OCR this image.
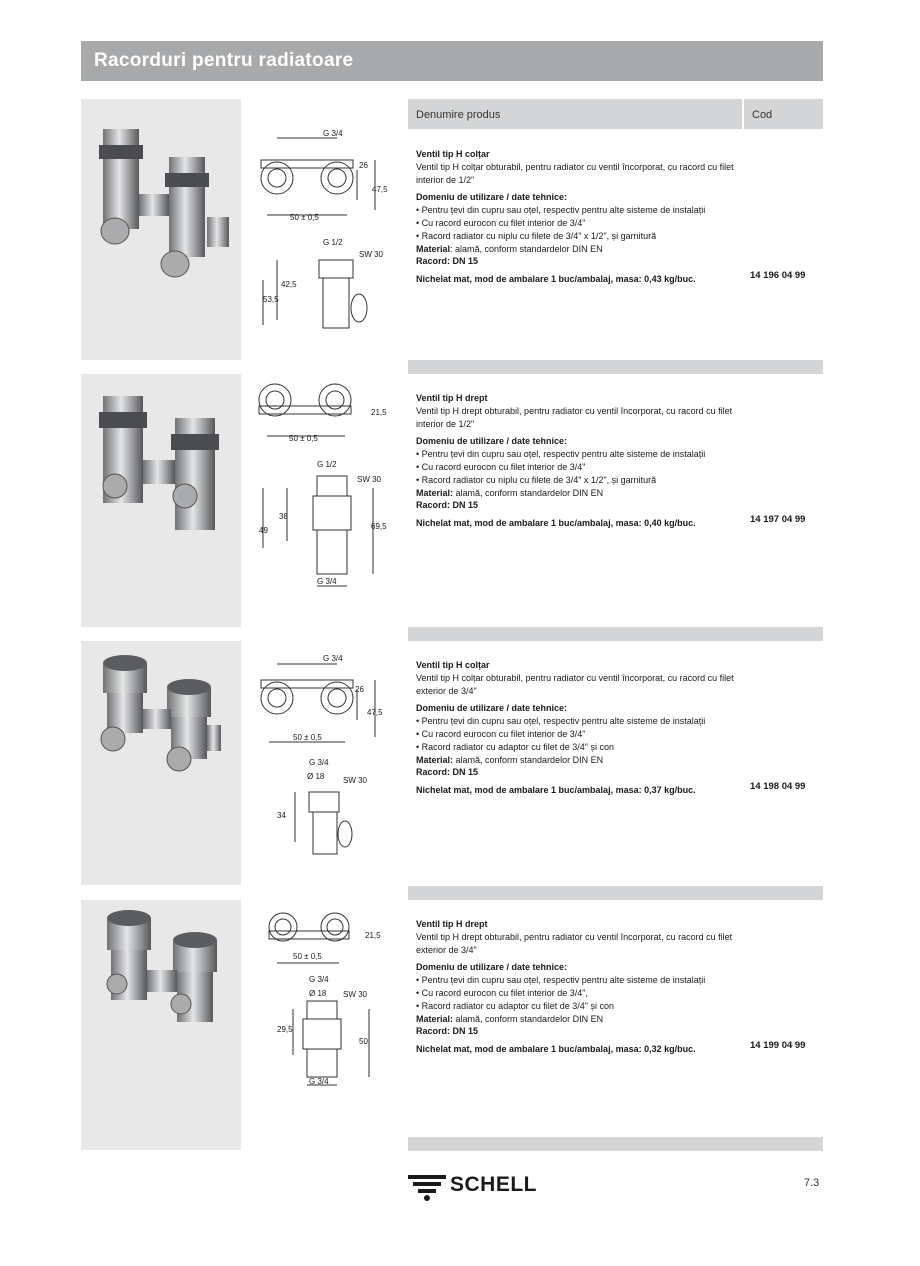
Racorduri pentru radiatoare
Denumire produs	Cod
G 3/4
26
47,5
50 ± 0,5
G 1/2
SW 30
42,5
53,5

Ventil tip H colțar

Ventil tip H colțar obturabil, pentru radiator cu ventil încorporat, cu racord cu filet interior de 1/2"

Domeniu de utilizare / date tehnice:

• Pentru țevi din cupru sau oțel, respectiv pentru alte sisteme de instalații

• Cu racord eurocon cu filet interior de 3/4"

• Racord radiator cu niplu cu filete de 3/4" x 1/2", și garnitură

Material: alamă, conform standardelor DIN EN

Racord: DN 15

Nichelat mat, mod de ambalare 1 buc/ambalaj, masa: 0,43 kg/buc.	14 196 04 99
21,5
50 ± 0,5
G 1/2
SW 30
38
49	69,5
G 3/4

Ventil tip H drept

Ventil tip H drept obturabil, pentru radiator cu ventil încorporat, cu racord cu filet interior de 1/2"

Domeniu de utilizare / date tehnice:

• Pentru țevi din cupru sau oțel, respectiv pentru alte sisteme de instalații

• Cu racord eurocon cu filet interior de 3/4"

• Racord radiator cu niplu cu filete de 3/4" x 1/2", și garnitură

Material: alamă, conform standardelor DIN EN

Racord: DN 15

Nichelat mat, mod de ambalare 1 buc/ambalaj, masa: 0,40 kg/buc.	14 197 04 99
G 3/4
26
47,5
50 ± 0,5
G 3/4
Ø 18 SW 30
34

Ventil tip H colțar

Ventil tip H colțar obturabil, pentru radiator cu ventil încorporat, cu racord cu filet exterior de 3/4"

Domeniu de utilizare / date tehnice:

• Pentru țevi din cupru sau oțel, respectiv pentru alte sisteme de instalații

• Cu racord eurocon cu filet interior de 3/4"

• Racord radiator cu adaptor cu filet de 3/4" și con

Material: alamă, conform standardelor DIN EN

Racord: DN 15

Nichelat mat, mod de ambalare 1 buc/ambalaj, masa: 0,37 kg/buc.	14 198 04 99
21,5
50 ± 0,5
G 3/4
Ø 18 SW 30
29,5
50
G 3/4

Ventil tip H drept

Ventil tip H drept obturabil, pentru radiator cu ventil încorporat, cu racord cu filet exterior de 3/4"

Domeniu de utilizare / date tehnice:

• Pentru țevi din cupru sau oțel, respectiv pentru alte sisteme de instalații

• Cu racord eurocon cu filet interior de 3/4",

• Racord radiator cu adaptor cu filet de 3/4" și con

Material: alamă, conform standardelor DIN EN

Racord: DN 15

Nichelat mat, mod de ambalare 1 buc/ambalaj, masa: 0,32 kg/buc.	14 199 04 99
SCHELL	7.3
